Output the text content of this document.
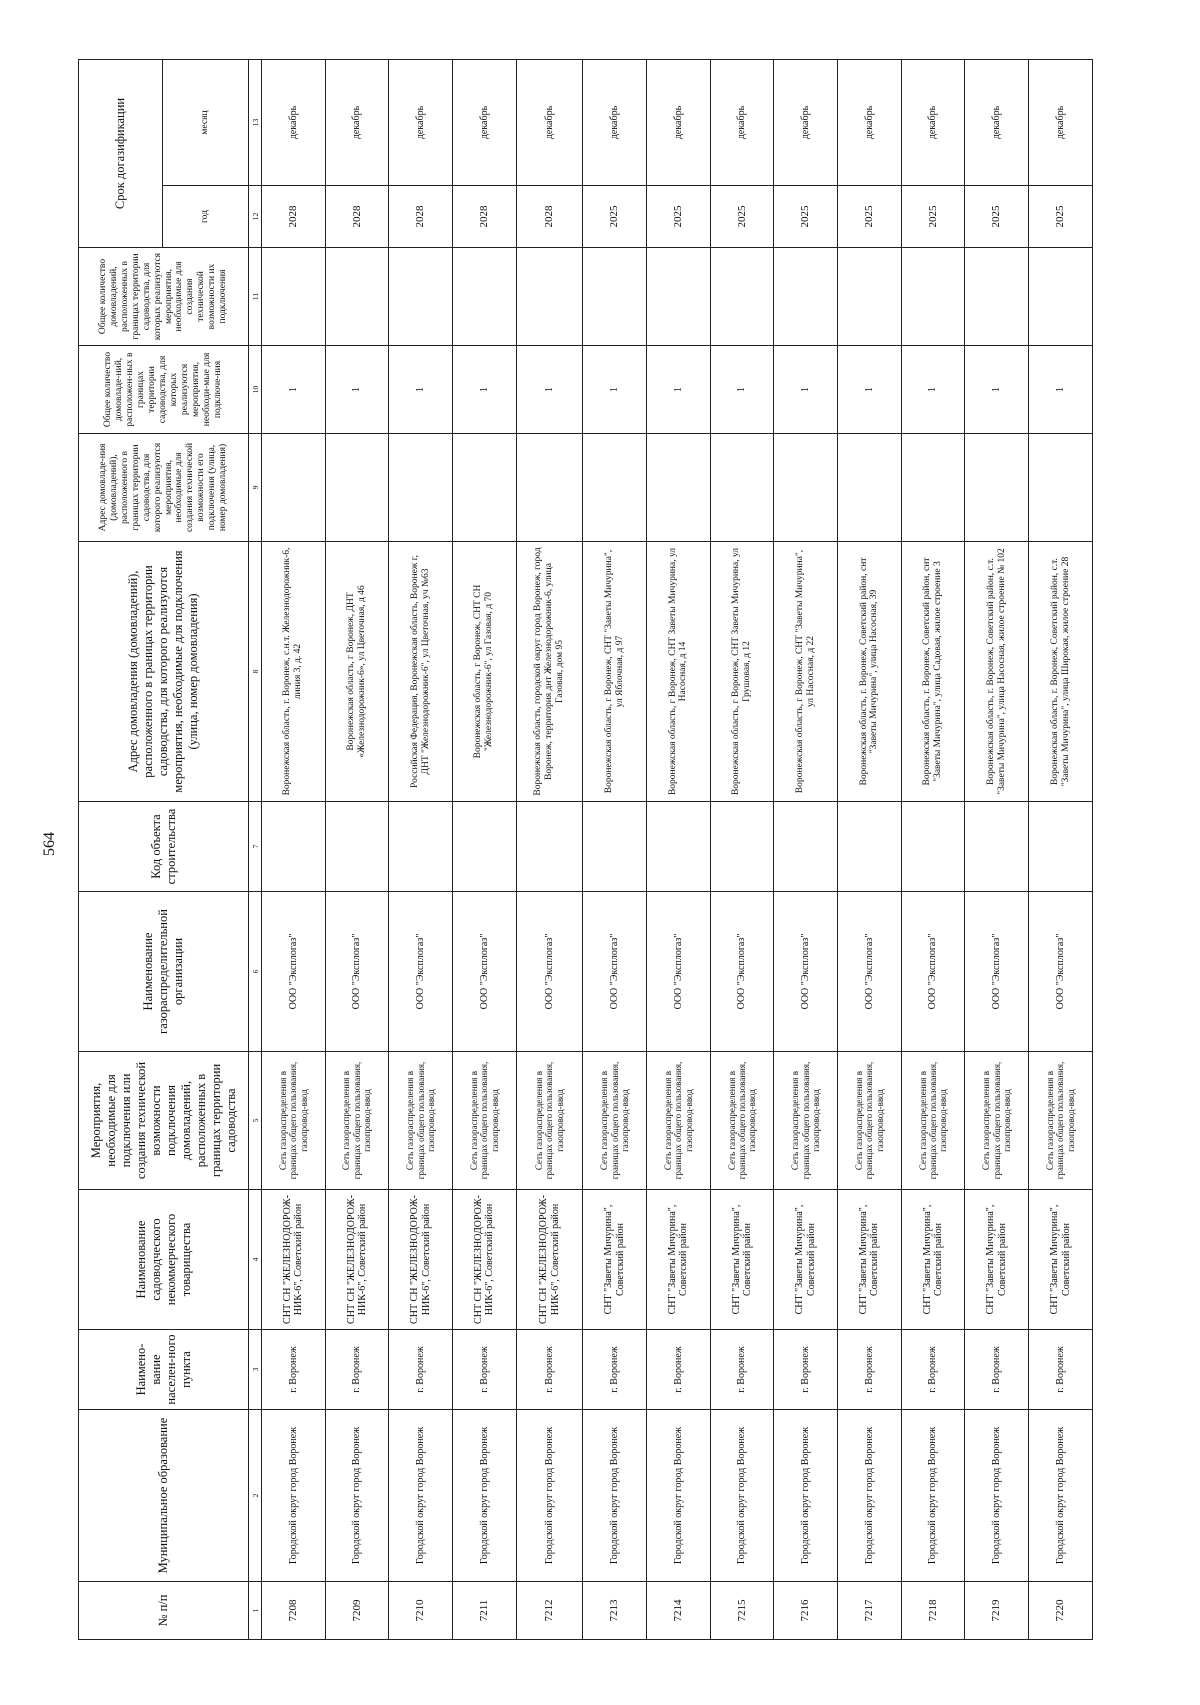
564
№ п/п	Муниципальное образование	Наимено-вание населен-ного пункта	Наименование садоводческого некоммерческого товарищества	Мероприятия, необходимые для подключения или создания технической возможности подключения домовладений, расположенных в границах территории садоводства	Наименование газораспределительной организации	Код объекта строительства	Адрес домовладения (домовладений), расположенного в границах территории садоводства, для которого реализуются мероприятия, необходимые для подключения (улица, номер домовладения)	Адрес домовладе-ния (домовладений), расположенного в границах территории садоводства, для которого реализуются мероприятия, необходимые для создания технической возможности его подключения (улица, номер домовладения)	Общее количество домовладе-ний, расположен-ных в границах территории садоводства, для которых реализуются мероприятия, необходи-мые для подключе-ния	Общее количество домовладений, расположенных в границах территории садоводства, для которых реализуются мероприятия, необходимые для создания технической возможности их подключения	Срок догазификации	
											год	месяц
1	2	3	4	5	6	7	8	9	10	11	12	13
7208	Городской округ город Воронеж	г. Воронеж	СНТ СН "ЖЕЛЕЗНОДОРОЖ-НИК-6", Советский район	Сеть газораспределения в границах общего пользования, газопровод-ввод	ООО "Эксплогаз"		Воронежская область, г. Воронеж, с.н.т. Железнодорожник-6, линия 3, д. 42		1		2028	декабрь
7209	Городской округ город Воронеж	г. Воронеж	СНТ СН "ЖЕЛЕЗНОДОРОЖ-НИК-6", Советский район	Сеть газораспределения в границах общего пользования, газопровод-ввод	ООО "Эксплогаз"		Воронежская область, г Воронеж, ДНТ «Железнодорожник-6», ул Цветочная, д 46		1		2028	декабрь
7210	Городской округ город Воронеж	г. Воронеж	СНТ СН "ЖЕЛЕЗНОДОРОЖ-НИК-6", Советский район	Сеть газораспределения в границах общего пользования, газопровод-ввод	ООО "Эксплогаз"		Российская Федерация, Воронежская область, Воронеж г, ДНТ "Железнодорожник-6", ул Цветочная, уч №63		1		2028	декабрь
7211	Городской округ город Воронеж	г. Воронеж	СНТ СН "ЖЕЛЕЗНОДОРОЖ-НИК-6", Советский район	Сеть газораспределения в границах общего пользования, газопровод-ввод	ООО "Эксплогаз"		Воронежская область, г Воронеж, СНТ СН "Железнодорожник-6", ул Газовая, д 70		1		2028	декабрь
7212	Городской округ город Воронеж	г. Воронеж	СНТ СН "ЖЕЛЕЗНОДОРОЖ-НИК-6", Советский район	Сеть газораспределения в границах общего пользования, газопровод-ввод	ООО "Эксплогаз"		Воронежская область, городской округ город Воронеж, город Воронеж, территория днт Железнодорожник-6, улица Газовая, дом 95		1		2028	декабрь
7213	Городской округ город Воронеж	г. Воронеж	СНТ "Заветы Мичурина", Советский район	Сеть газораспределения в границах общего пользования, газопровод-ввод	ООО "Эксплогаз"		Воронежская область, г Воронеж, СНТ "Заветы Мичурина", ул Яблочная, д 97		1		2025	декабрь
7214	Городской округ город Воронеж	г. Воронеж	СНТ "Заветы Мичурина", Советский район	Сеть газораспределения в границах общего пользования, газопровод-ввод	ООО "Эксплогаз"		Воронежская область, г Воронеж, СНТ Заветы Мичурина, ул Насосная, д 14		1		2025	декабрь
7215	Городской округ город Воронеж	г. Воронеж	СНТ "Заветы Мичурина", Советский район	Сеть газораспределения в границах общего пользования, газопровод-ввод	ООО "Эксплогаз"		Воронежская область, г Воронеж, СНТ Заветы Мичурина, ул Грушовая, д 12		1		2025	декабрь
7216	Городской округ город Воронеж	г. Воронеж	СНТ "Заветы Мичурина", Советский район	Сеть газораспределения в границах общего пользования, газопровод-ввод	ООО "Эксплогаз"		Воронежская область, г Воронеж, СНТ "Заветы Мичурина", ул Насосная, д 22		1		2025	декабрь
7217	Городской округ город Воронеж	г. Воронеж	СНТ "Заветы Мичурина", Советский район	Сеть газораспределения в границах общего пользования, газопровод-ввод	ООО "Эксплогаз"		Воронежская область, г. Воронеж, Советский район, снт "Заветы Мичурина", улица Насосная, 39		1		2025	декабрь
7218	Городской округ город Воронеж	г. Воронеж	СНТ "Заветы Мичурина", Советский район	Сеть газораспределения в границах общего пользования, газопровод-ввод	ООО "Эксплогаз"		Воронежская область, г. Воронеж, Советский район, снт "Заветы Мичурина", улица Садовая, жилое строение 3		1		2025	декабрь
7219	Городской округ город Воронеж	г. Воронеж	СНТ "Заветы Мичурина", Советский район	Сеть газораспределения в границах общего пользования, газопровод-ввод	ООО "Эксплогаз"		Воронежская область, г. Воронеж, Советский район, с.т. "Заветы Мичурина", улица Насосная, жилое строение № 102		1		2025	декабрь
7220	Городской округ город Воронеж	г. Воронеж	СНТ "Заветы Мичурина", Советский район	Сеть газораспределения в границах общего пользования, газопровод-ввод	ООО "Эксплогаз"		Воронежская область, г. Воронеж, Советский район, с.т. "Заветы Мичурина", улица Широкая, жилое строение 28		1		2025	декабрь
